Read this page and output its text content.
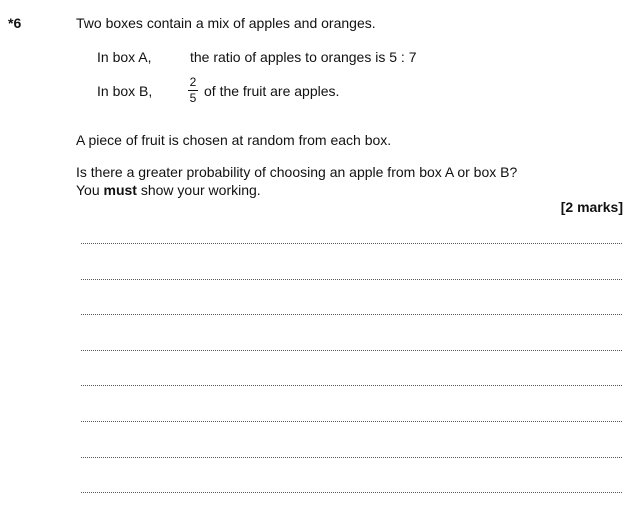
*6	Two boxes contain a mix of apples and oranges.
In box A,	the ratio of apples to oranges is 5 : 7
In box B,
2
5 of the fruit are apples.
A piece of fruit is chosen at random from each box.
Is there a greater probability of choosing an apple from box A or box B?
You must show your working.
[2 marks]
